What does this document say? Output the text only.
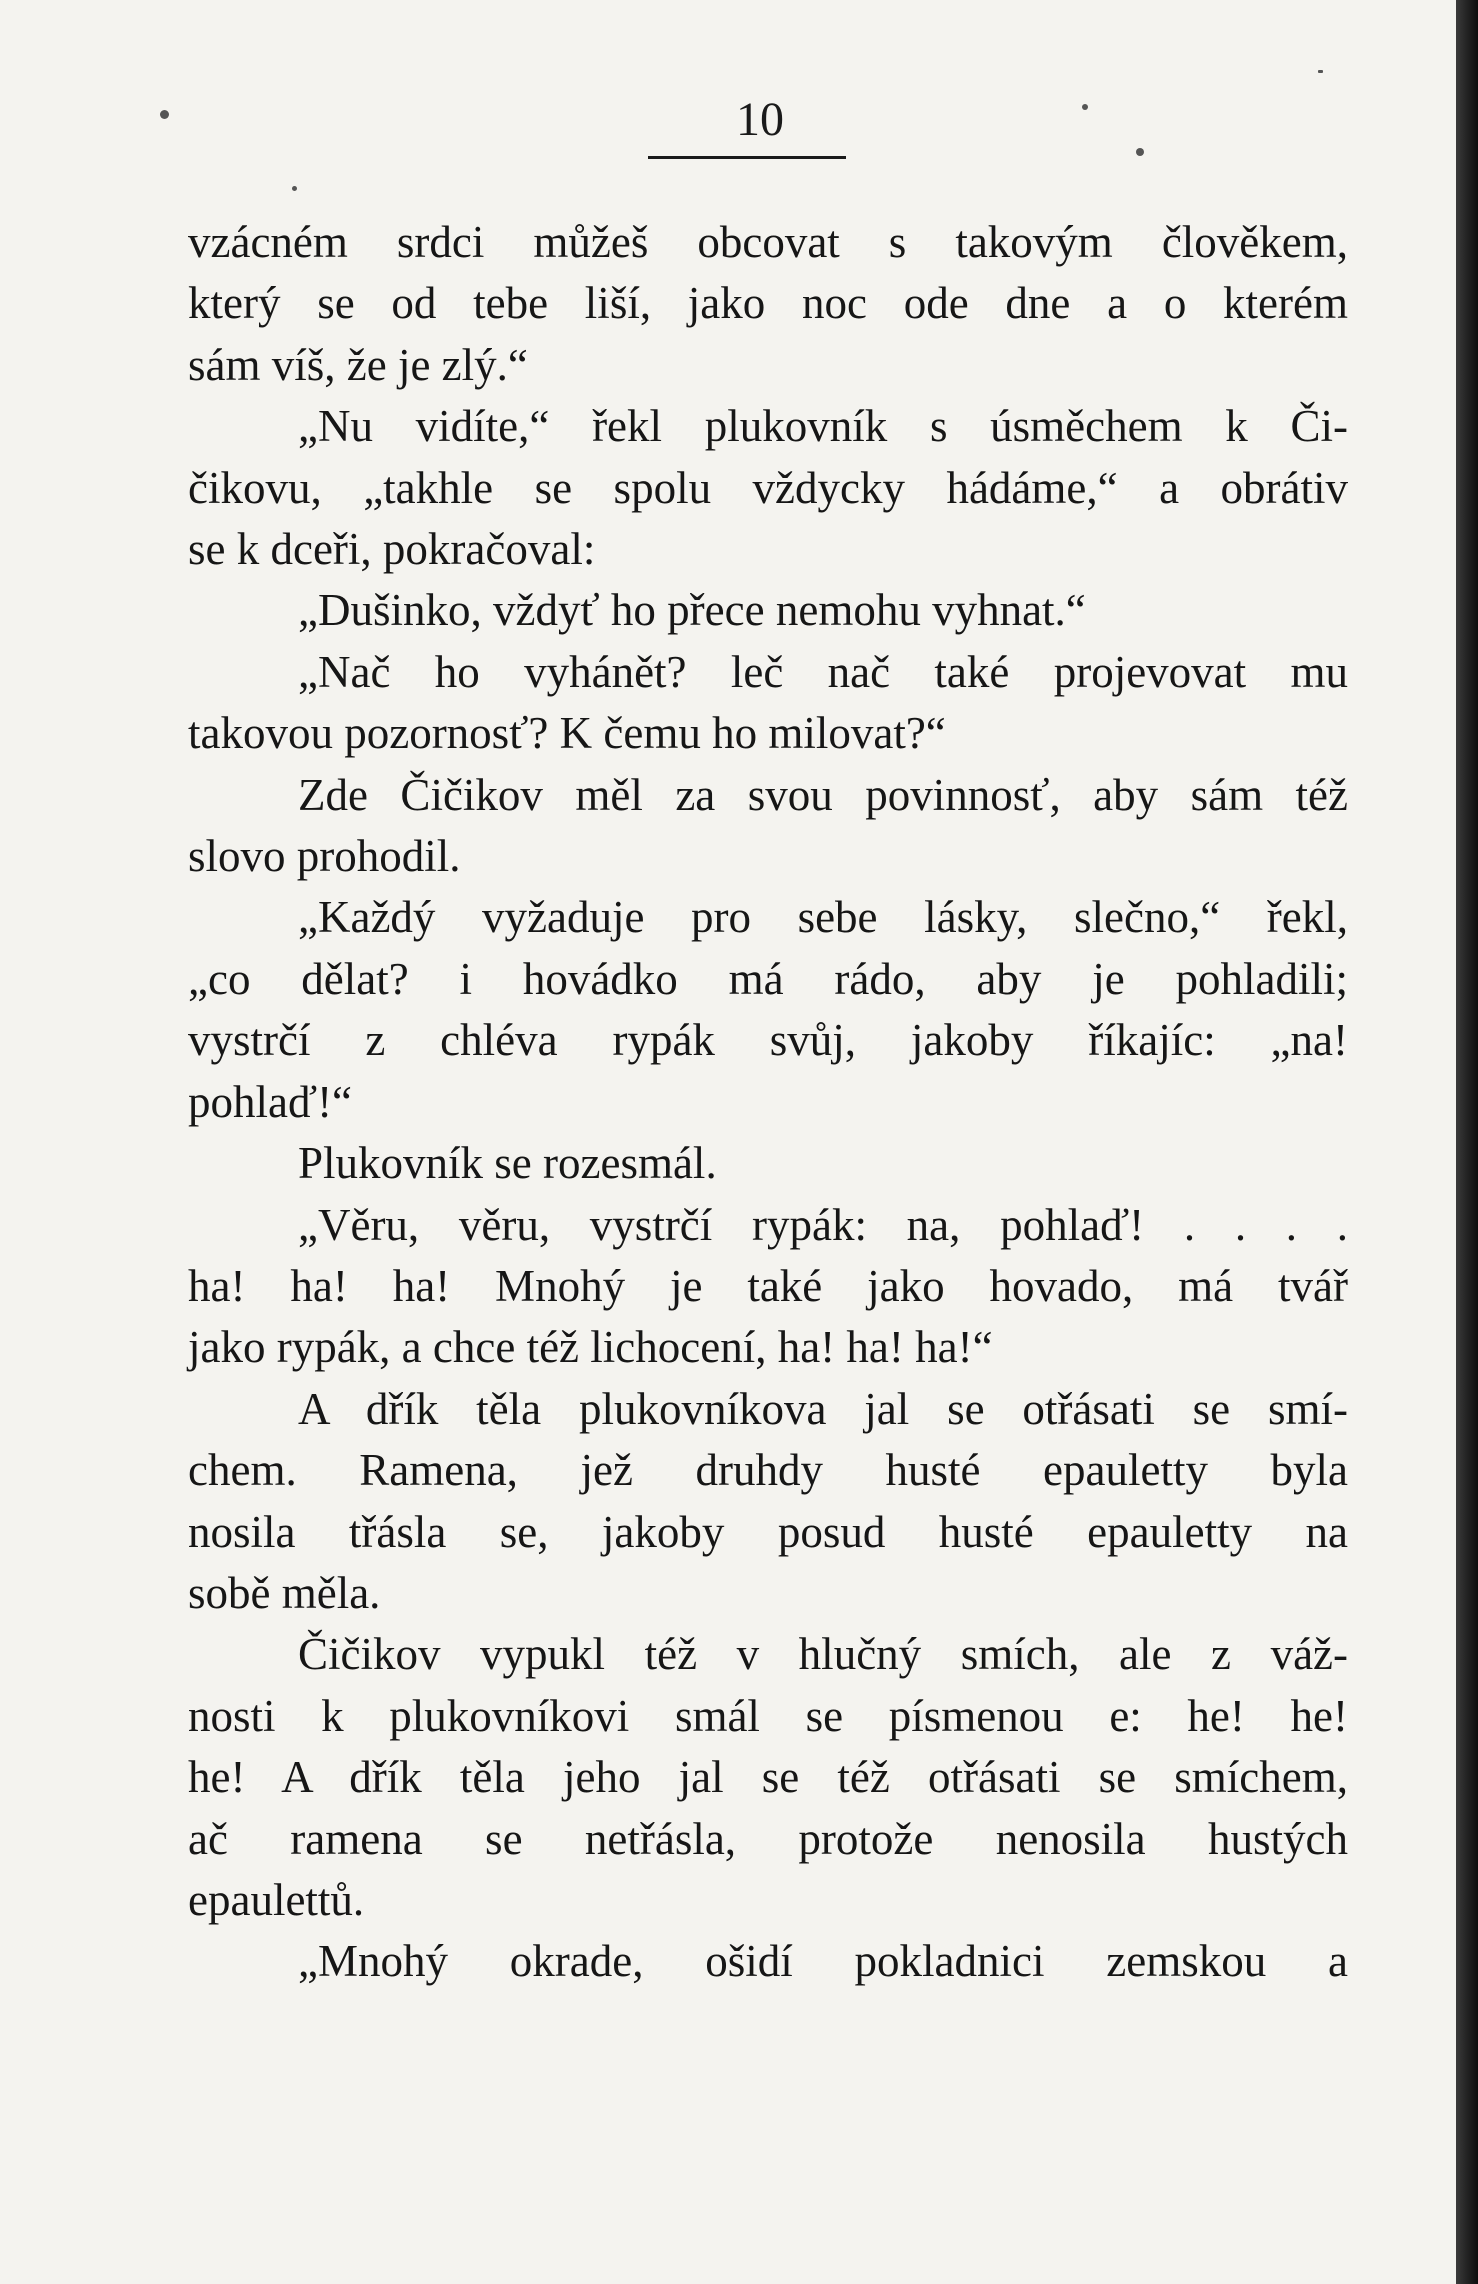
10
vzácném srdci můžeš obcovat s takovým člověkem,
který se od tebe liší, jako noc ode dne a o kterém
sám víš, že je zlý.“
„Nu vidíte,“ řekl plukovník s úsměchem k Či-
čikovu, „takhle se spolu vždycky hádáme,“ a obrátiv
se k dceři, pokračoval:
„Dušinko, vždyť ho přece nemohu vyhnat.“
„Nač ho vyhánět? leč nač také projevovat mu
takovou pozornosť? K čemu ho milovat?“
Zde Čičikov měl za svou povinnosť, aby sám též
slovo prohodil.
„Každý vyžaduje pro sebe lásky, slečno,“ řekl,
„co dělat? i hovádko má rádo, aby je pohladili;
vystrčí z chléva rypák svůj, jakoby říkajíc: „na!
pohlaď!“
Plukovník se rozesmál.
„Věru, věru, vystrčí rypák: na, pohlaď! . . . .
ha! ha! ha! Mnohý je také jako hovado, má tvář
jako rypák, a chce též lichocení, ha! ha! ha!“
A dřík těla plukovníkova jal se otřásati se smí-
chem. Ramena, jež druhdy husté epauletty byla
nosila třásla se, jakoby posud husté epauletty na
sobě měla.
Čičikov vypukl též v hlučný smích, ale z váž-
nosti k plukovníkovi smál se písmenou e: he! he!
he! A dřík těla jeho jal se též otřásati se smíchem,
ač ramena se netřásla, protože nenosila hustých
epaulettů.
„Mnohý okrade, ošidí pokladnici zemskou a
